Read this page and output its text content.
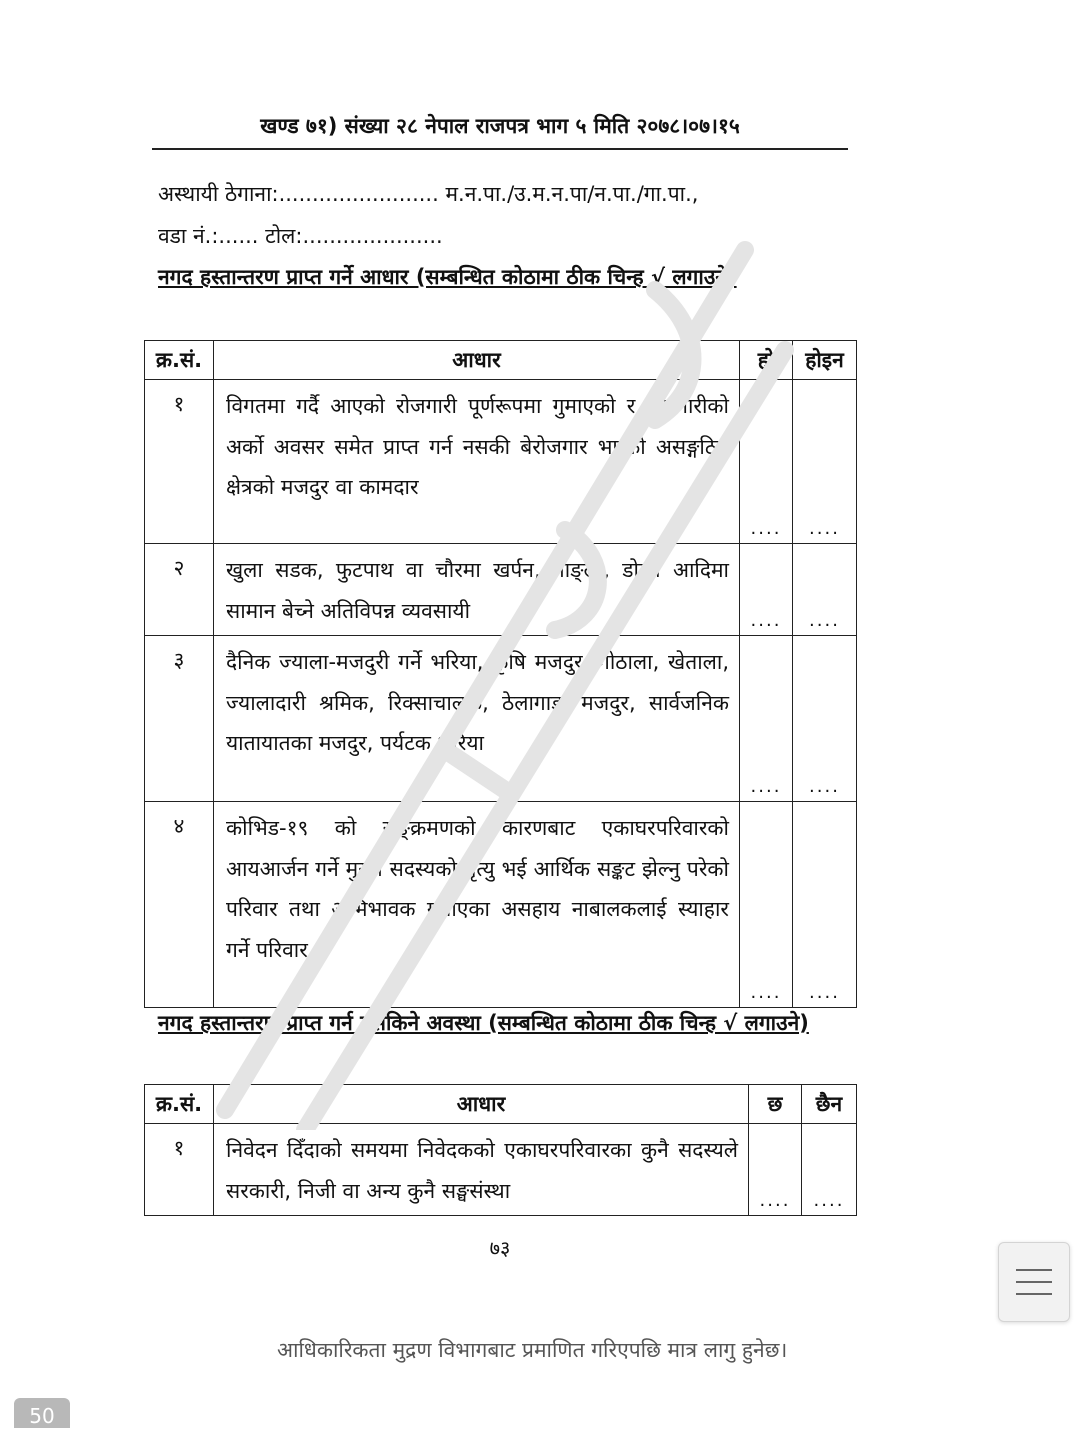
खण्ड ७१) संख्या २८ नेपाल राजपत्र भाग ५ मिति २०७८।०७।१५
अस्थायी ठेगाना:........................ म.न.पा./उ.म.न.पा/न.पा./गा.पा.,
वडा नं.:...... टोल:.....................
नगद हस्तान्तरण प्राप्त गर्ने आधार (सम्बन्धित कोठामा ठीक चिन्ह √ लगाउने)
क्र.सं.	आधार	हो	होइन
१	विगतमा गर्दै आएको रोजगारी पूर्णरूपमा गुमाएको र रोजगारीको अर्को अवसर समेत प्राप्त गर्न नसकी बेरोजगार भएको असङ्गठित क्षेत्रको मजदुर वा कामदार	....	....
२	खुला सडक, फुटपाथ वा चौरमा खर्पन, नाङ्लो, डोको आदिमा सामान बेच्ने अतिविपन्न व्यवसायी	....	....
३	दैनिक ज्याला-मजदुरी गर्ने भरिया, कृषि मजदुर, गोठाला, खेताला, ज्यालादारी श्रमिक, रिक्साचालक, ठेलागाडा मजदुर, सार्वजनिक यातायातका मजदुर, पर्यटक भरिया	....	....
४	कोभिड-१९ को सङ्क्रमणको कारणबाट एकाघरपरिवारको आयआर्जन गर्ने मुख्य सदस्यको मृत्यु भई आर्थिक सङ्कट झेल्नु परेको परिवार तथा अभिभावक गुमाएका असहाय नाबालकलाई स्याहार गर्ने परिवार	....	....
नगद हस्तान्तरण प्राप्त गर्न नसकिने अवस्था (सम्बन्धित कोठामा ठीक चिन्ह √ लगाउने)
क्र.सं.	आधार	छ	छैन
१	निवेदन दिँदाको समयमा निवेदकको एकाघरपरिवारका कुनै सदस्यले सरकारी, निजी वा अन्य कुनै सङ्घसंस्था	....	....
७३
आधिकारिकता मुद्रण विभागबाट प्रमाणित गरिएपछि मात्र लागु हुनेछ।
50
